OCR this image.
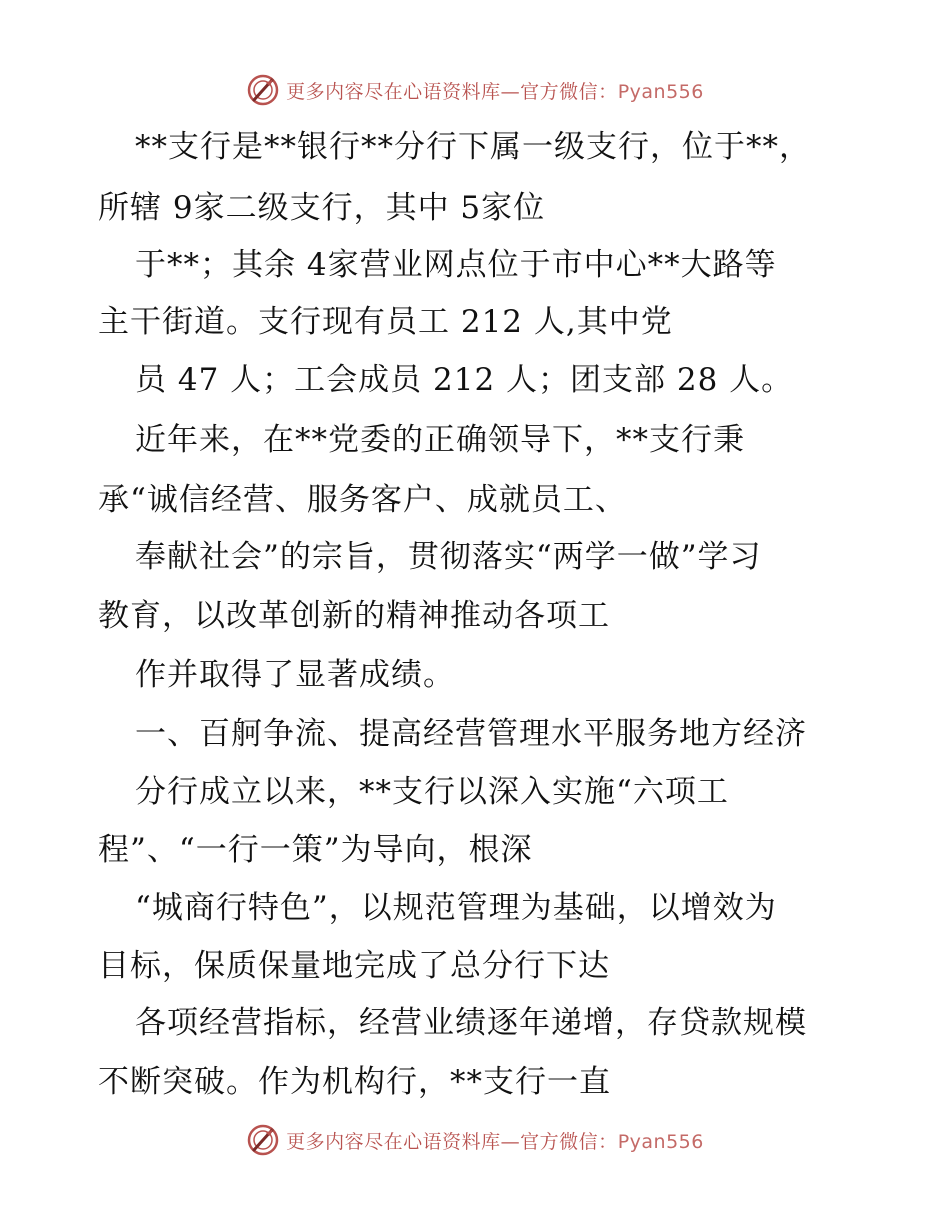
更多内容尽在心语资料库—官方微信：Pyan556
**支行是**银行**分行下属一级支行，位于**，
所辖 9家二级支行，其中 5家位
于**；其余 4家营业网点位于市中心**大路等
主干街道。支行现有员工 212 人,其中党
员 47 人；工会成员 212 人；团支部 28 人。
近年来，在**党委的正确领导下，**支行秉
承“诚信经营、服务客户、成就员工、
奉献社会”的宗旨，贯彻落实“两学一做”学习
教育，以改革创新的精神推动各项工
作并取得了显著成绩。
一、百舸争流、提高经营管理水平服务地方经济
分行成立以来，**支行以深入实施“六项工
程”、“一行一策”为导向，根深
“城商行特色”，以规范管理为基础，以增效为
目标，保质保量地完成了总分行下达
各项经营指标，经营业绩逐年递增，存贷款规模
不断突破。作为机构行，**支行一直
更多内容尽在心语资料库—官方微信：Pyan556
